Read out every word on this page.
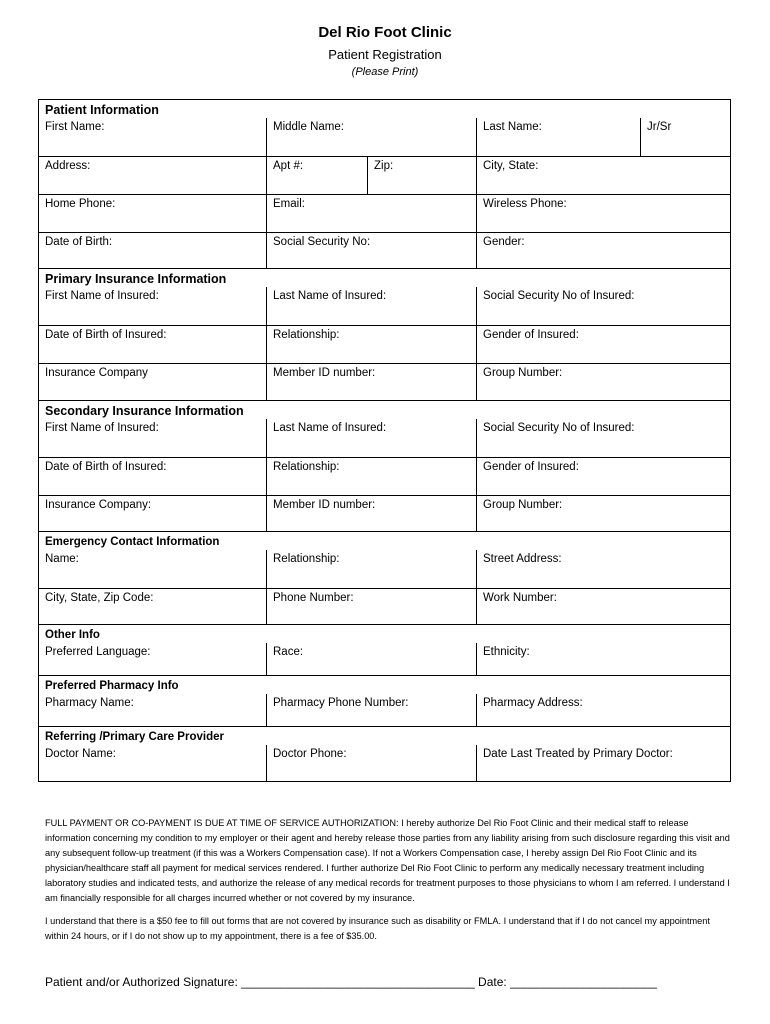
Del Rio Foot Clinic
Patient Registration
(Please Print)
Patient Information
First Name:	Middle Name:	Last Name:	Jr/Sr
Address:	Apt #:	Zip:	City, State:
Home Phone:	Email:	Wireless Phone:
Date of Birth:	Social Security No:	Gender:
Primary Insurance Information
First Name of Insured:	Last Name of Insured:	Social Security No of Insured:
Date of Birth of Insured:	Relationship:	Gender of Insured:
Insurance Company	Member ID number:	Group Number:
Secondary Insurance Information
First Name of Insured:	Last Name of Insured:	Social Security No of Insured:
Date of Birth of Insured:	Relationship:	Gender of Insured:
Insurance Company:	Member ID number:	Group Number:
Emergency Contact Information
Name:	Relationship:	Street Address:
City, State, Zip Code:	Phone Number:	Work Number:
Other Info
Preferred Language:	Race:	Ethnicity:
Preferred Pharmacy Info
Pharmacy Name:	Pharmacy Phone Number:	Pharmacy Address:
Referring /Primary Care Provider
Doctor Name:	Doctor Phone:	Date Last Treated by Primary Doctor:

FULL PAYMENT OR CO-PAYMENT IS DUE AT TIME OF SERVICE AUTHORIZATION: I hereby authorize Del Rio Foot Clinic and their medical staff to release information concerning my condition to my employer or their agent and hereby release those parties from any liability arising from such disclosure regarding this visit and any subsequent follow-up treatment (if this was a Workers Compensation case). If not a Workers Compensation case, I hereby assign Del Rio Foot Clinic and its physician/healthcare staff all payment for medical services rendered. I further authorize Del Rio Foot Clinic to perform any medically necessary treatment including laboratory studies and indicated tests, and authorize the release of any medical records for treatment purposes to those physicians to whom I am referred. I understand I am financially responsible for all charges incurred whether or not covered by my insurance.

I understand that there is a $50 fee to fill out forms that are not covered by insurance such as disability or FMLA. I understand that if I do not cancel my appointment within 24 hours, or if I do not show up to my appointment, there is a fee of $35.00.

Patient and/or Authorized Signature: ___________________________________ Date: ______________________
